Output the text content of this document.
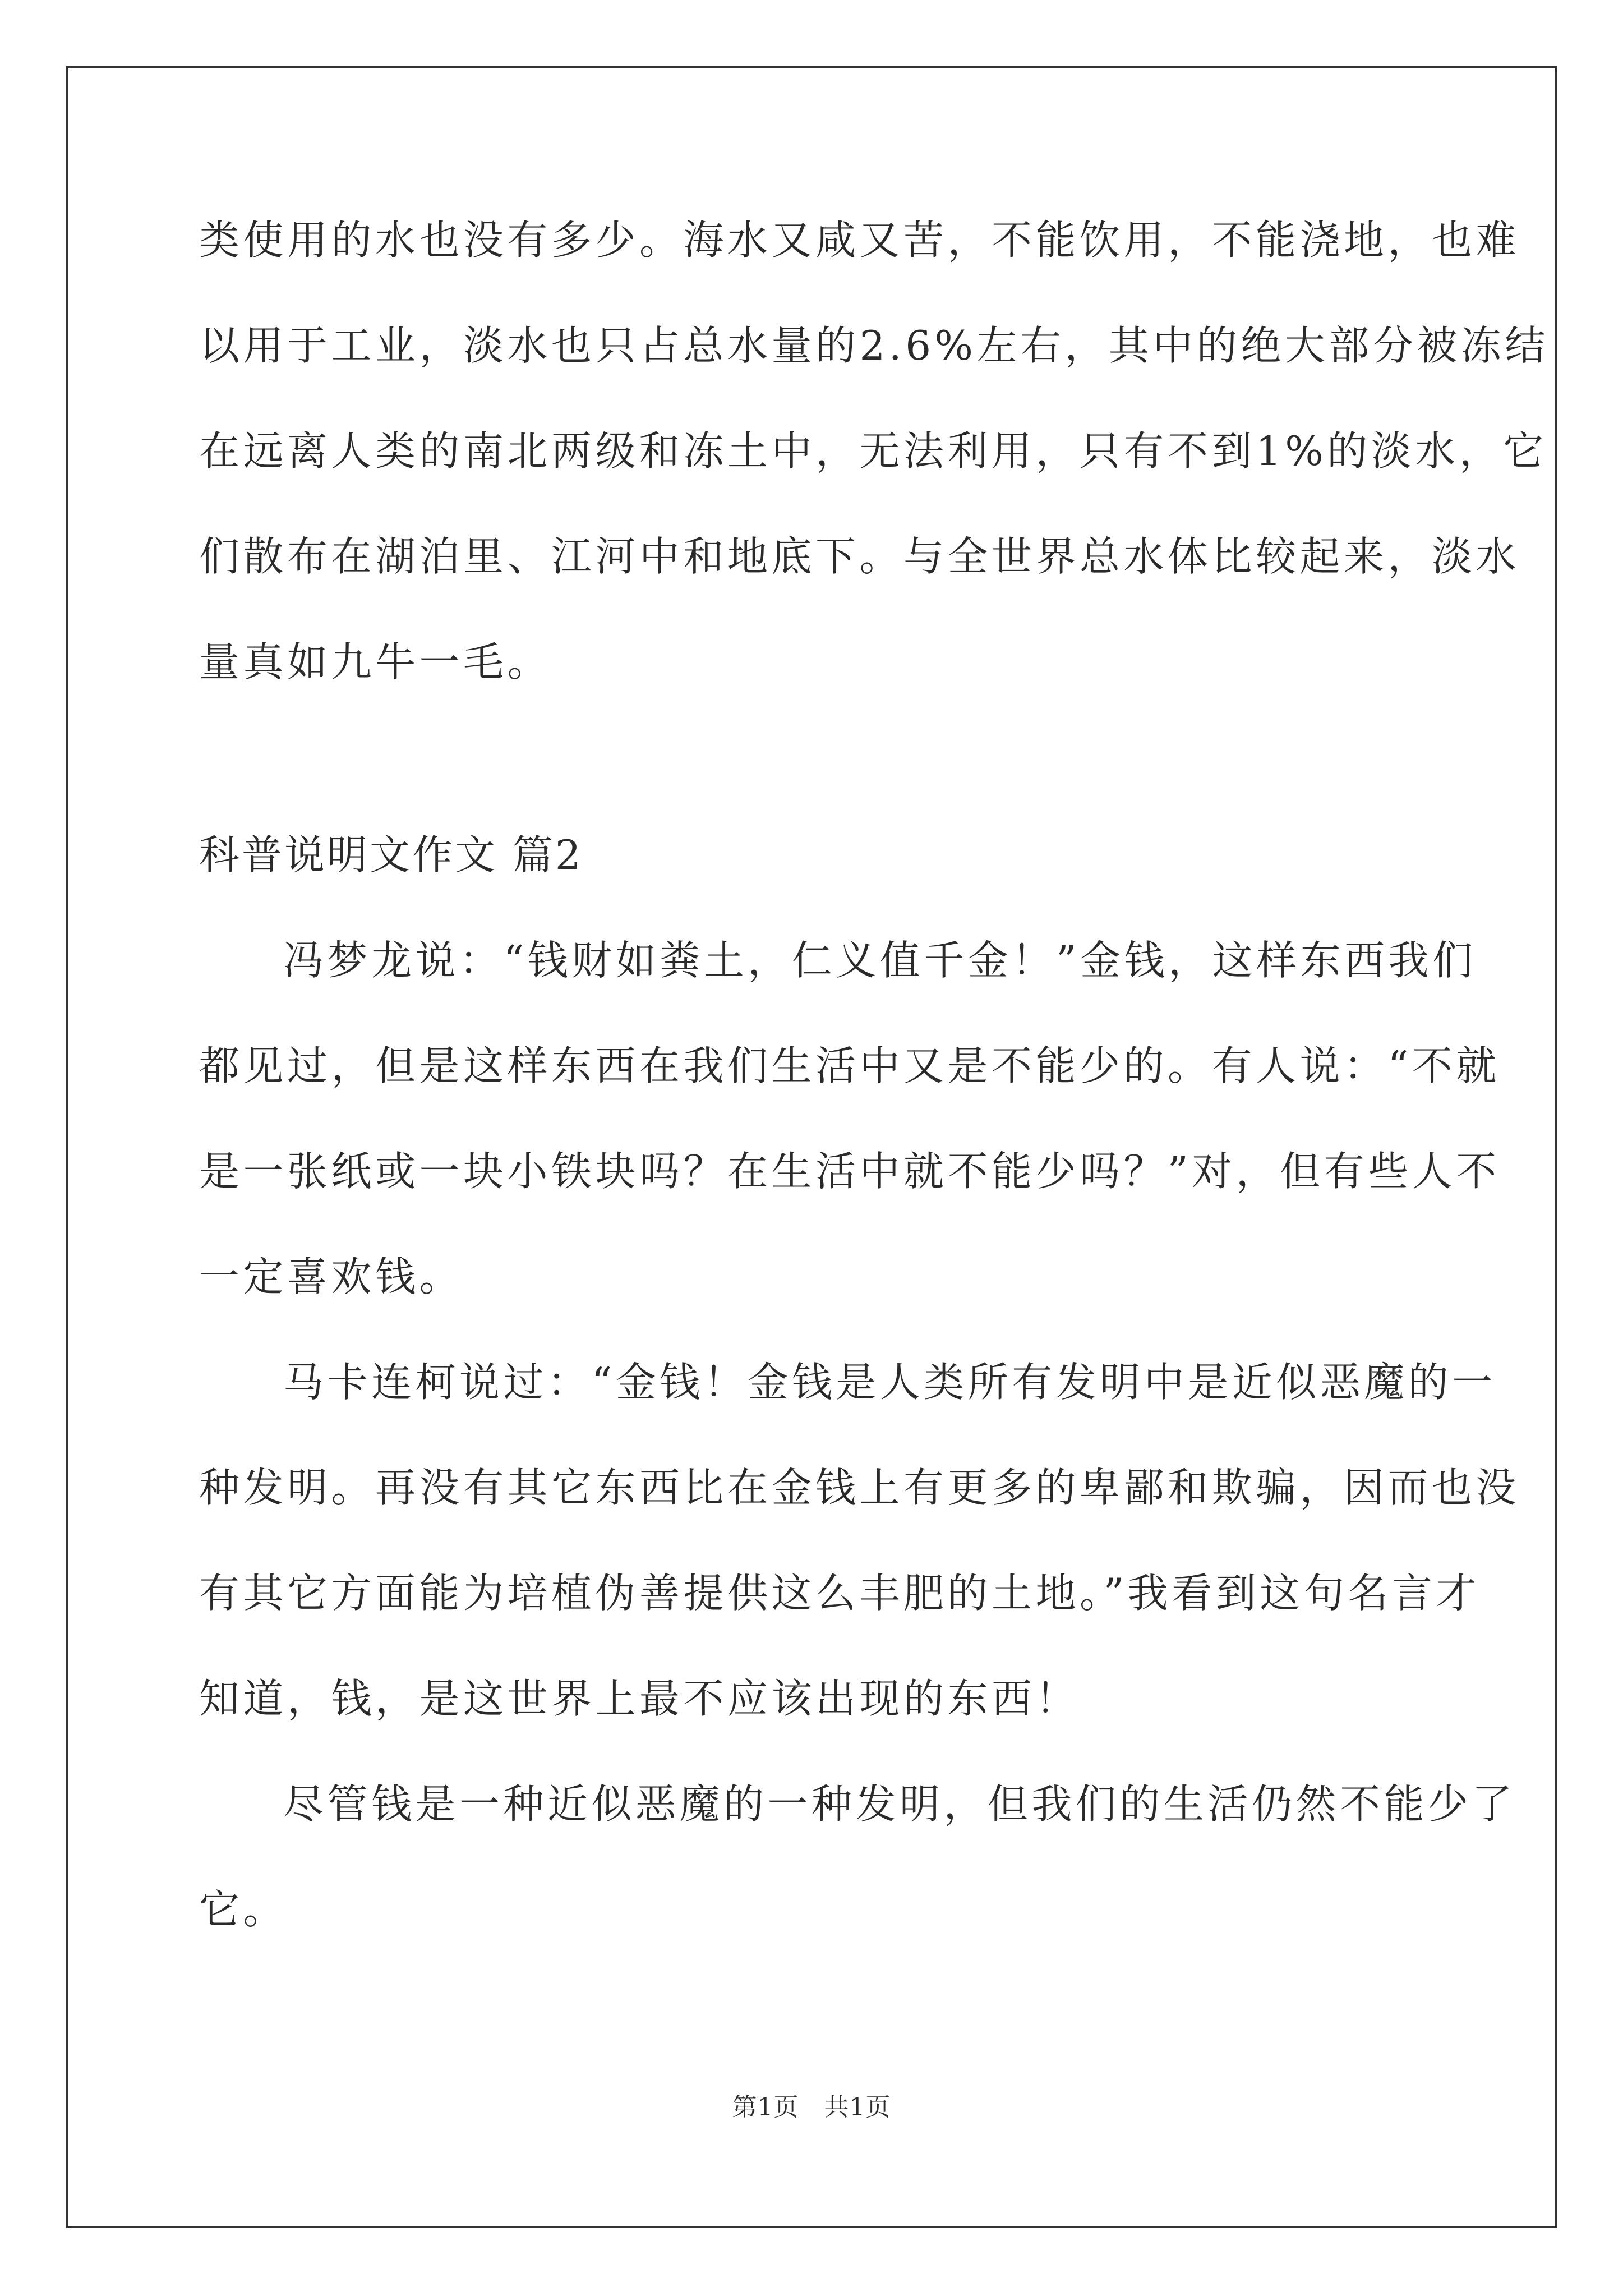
类使用的水也没有多少。海水又咸又苦，不能饮用，不能浇地，也难
以用于工业，淡水也只占总水量的2.6%左右，其中的绝大部分被冻结
在远离人类的南北两级和冻土中，无法利用，只有不到1%的淡水，它
们散布在湖泊里、江河中和地底下。与全世界总水体比较起来，淡水
量真如九牛一毛。
科普说明文作文 篇2
冯梦龙说：“钱财如粪土，仁义值千金！”金钱，这样东西我们
都见过，但是这样东西在我们生活中又是不能少的。有人说：“不就
是一张纸或一块小铁块吗？在生活中就不能少吗？”对，但有些人不
一定喜欢钱。
马卡连柯说过：“金钱！金钱是人类所有发明中是近似恶魔的一
种发明。再没有其它东西比在金钱上有更多的卑鄙和欺骗，因而也没
有其它方面能为培植伪善提供这么丰肥的土地。”我看到这句名言才
知道，钱，是这世界上最不应该出现的东西！
尽管钱是一种近似恶魔的一种发明，但我们的生活仍然不能少了
它。
第1页　共1页
